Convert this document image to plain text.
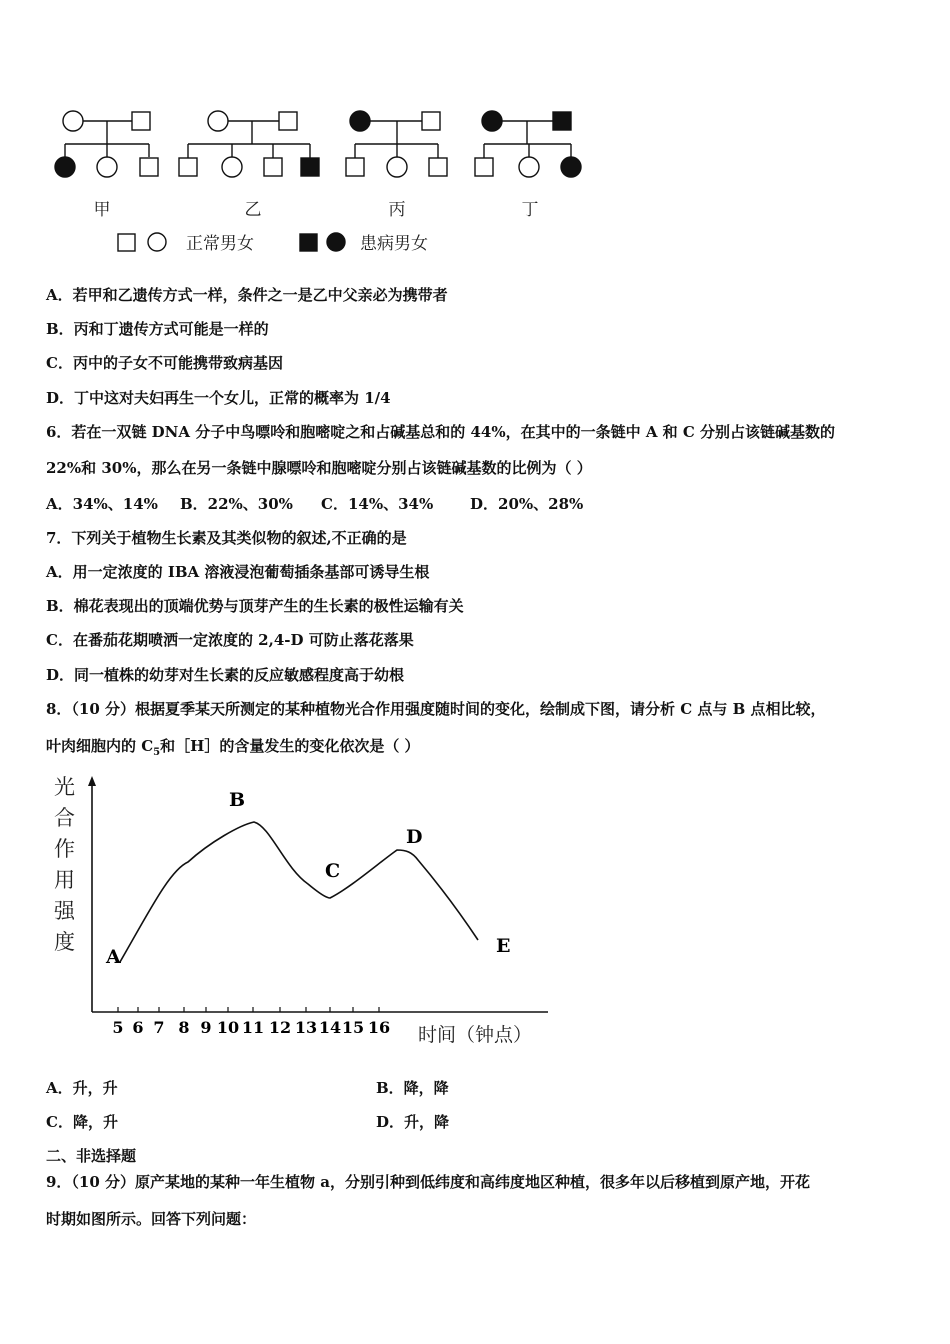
甲	乙	丙	丁
正常男女	患病男女
A．若甲和乙遗传方式一样，条件之一是乙中父亲必为携带者
B．丙和丁遗传方式可能是一样的
C．丙中的子女不可能携带致病基因
D．丁中这对夫妇再生一个女儿，正常的概率为 1/4
6．若在一双链 DNA 分子中鸟嘌呤和胞嘧啶之和占碱基总和的 44%，在其中的一条链中 A 和 C 分别占该链碱基数的
22%和 30%，那么在另一条链中腺嘌呤和胞嘧啶分别占该链碱基数的比例为（ ）
A．34%、14% B．22%、30% C．14%、34% D．20%、28%
7．下列关于植物生长素及其类似物的叙述,不正确的是
A．用一定浓度的 IBA 溶液浸泡葡萄插条基部可诱导生根
B．棉花表现出的顶端优势与顶芽产生的生长素的极性运输有关
C．在番茄花期喷洒一定浓度的 2,4-D 可防止落花落果
D．同一植株的幼芽对生长素的反应敏感程度高于幼根
8．（10 分）根据夏季某天所测定的某种植物光合作用强度随时间的变化，绘制成下图，请分析 C 点与 B 点相比较，
叶肉细胞内的 $C_5$和［H］的含量发生的变化依次是（ ）
光
合
作
用
强
度
5 6 7 8 9 10 11 12 13 14 15 16
A
B
C
D
E
时间（钟点）
A．升，升	B．降，降
C．降，升	D．升，降
二、非选择题
9．（10 分）原产某地的某种一年生植物 a，分别引种到低纬度和高纬度地区种植，很多年以后移植到原产地，开花
时期如图所示。回答下列问题：
